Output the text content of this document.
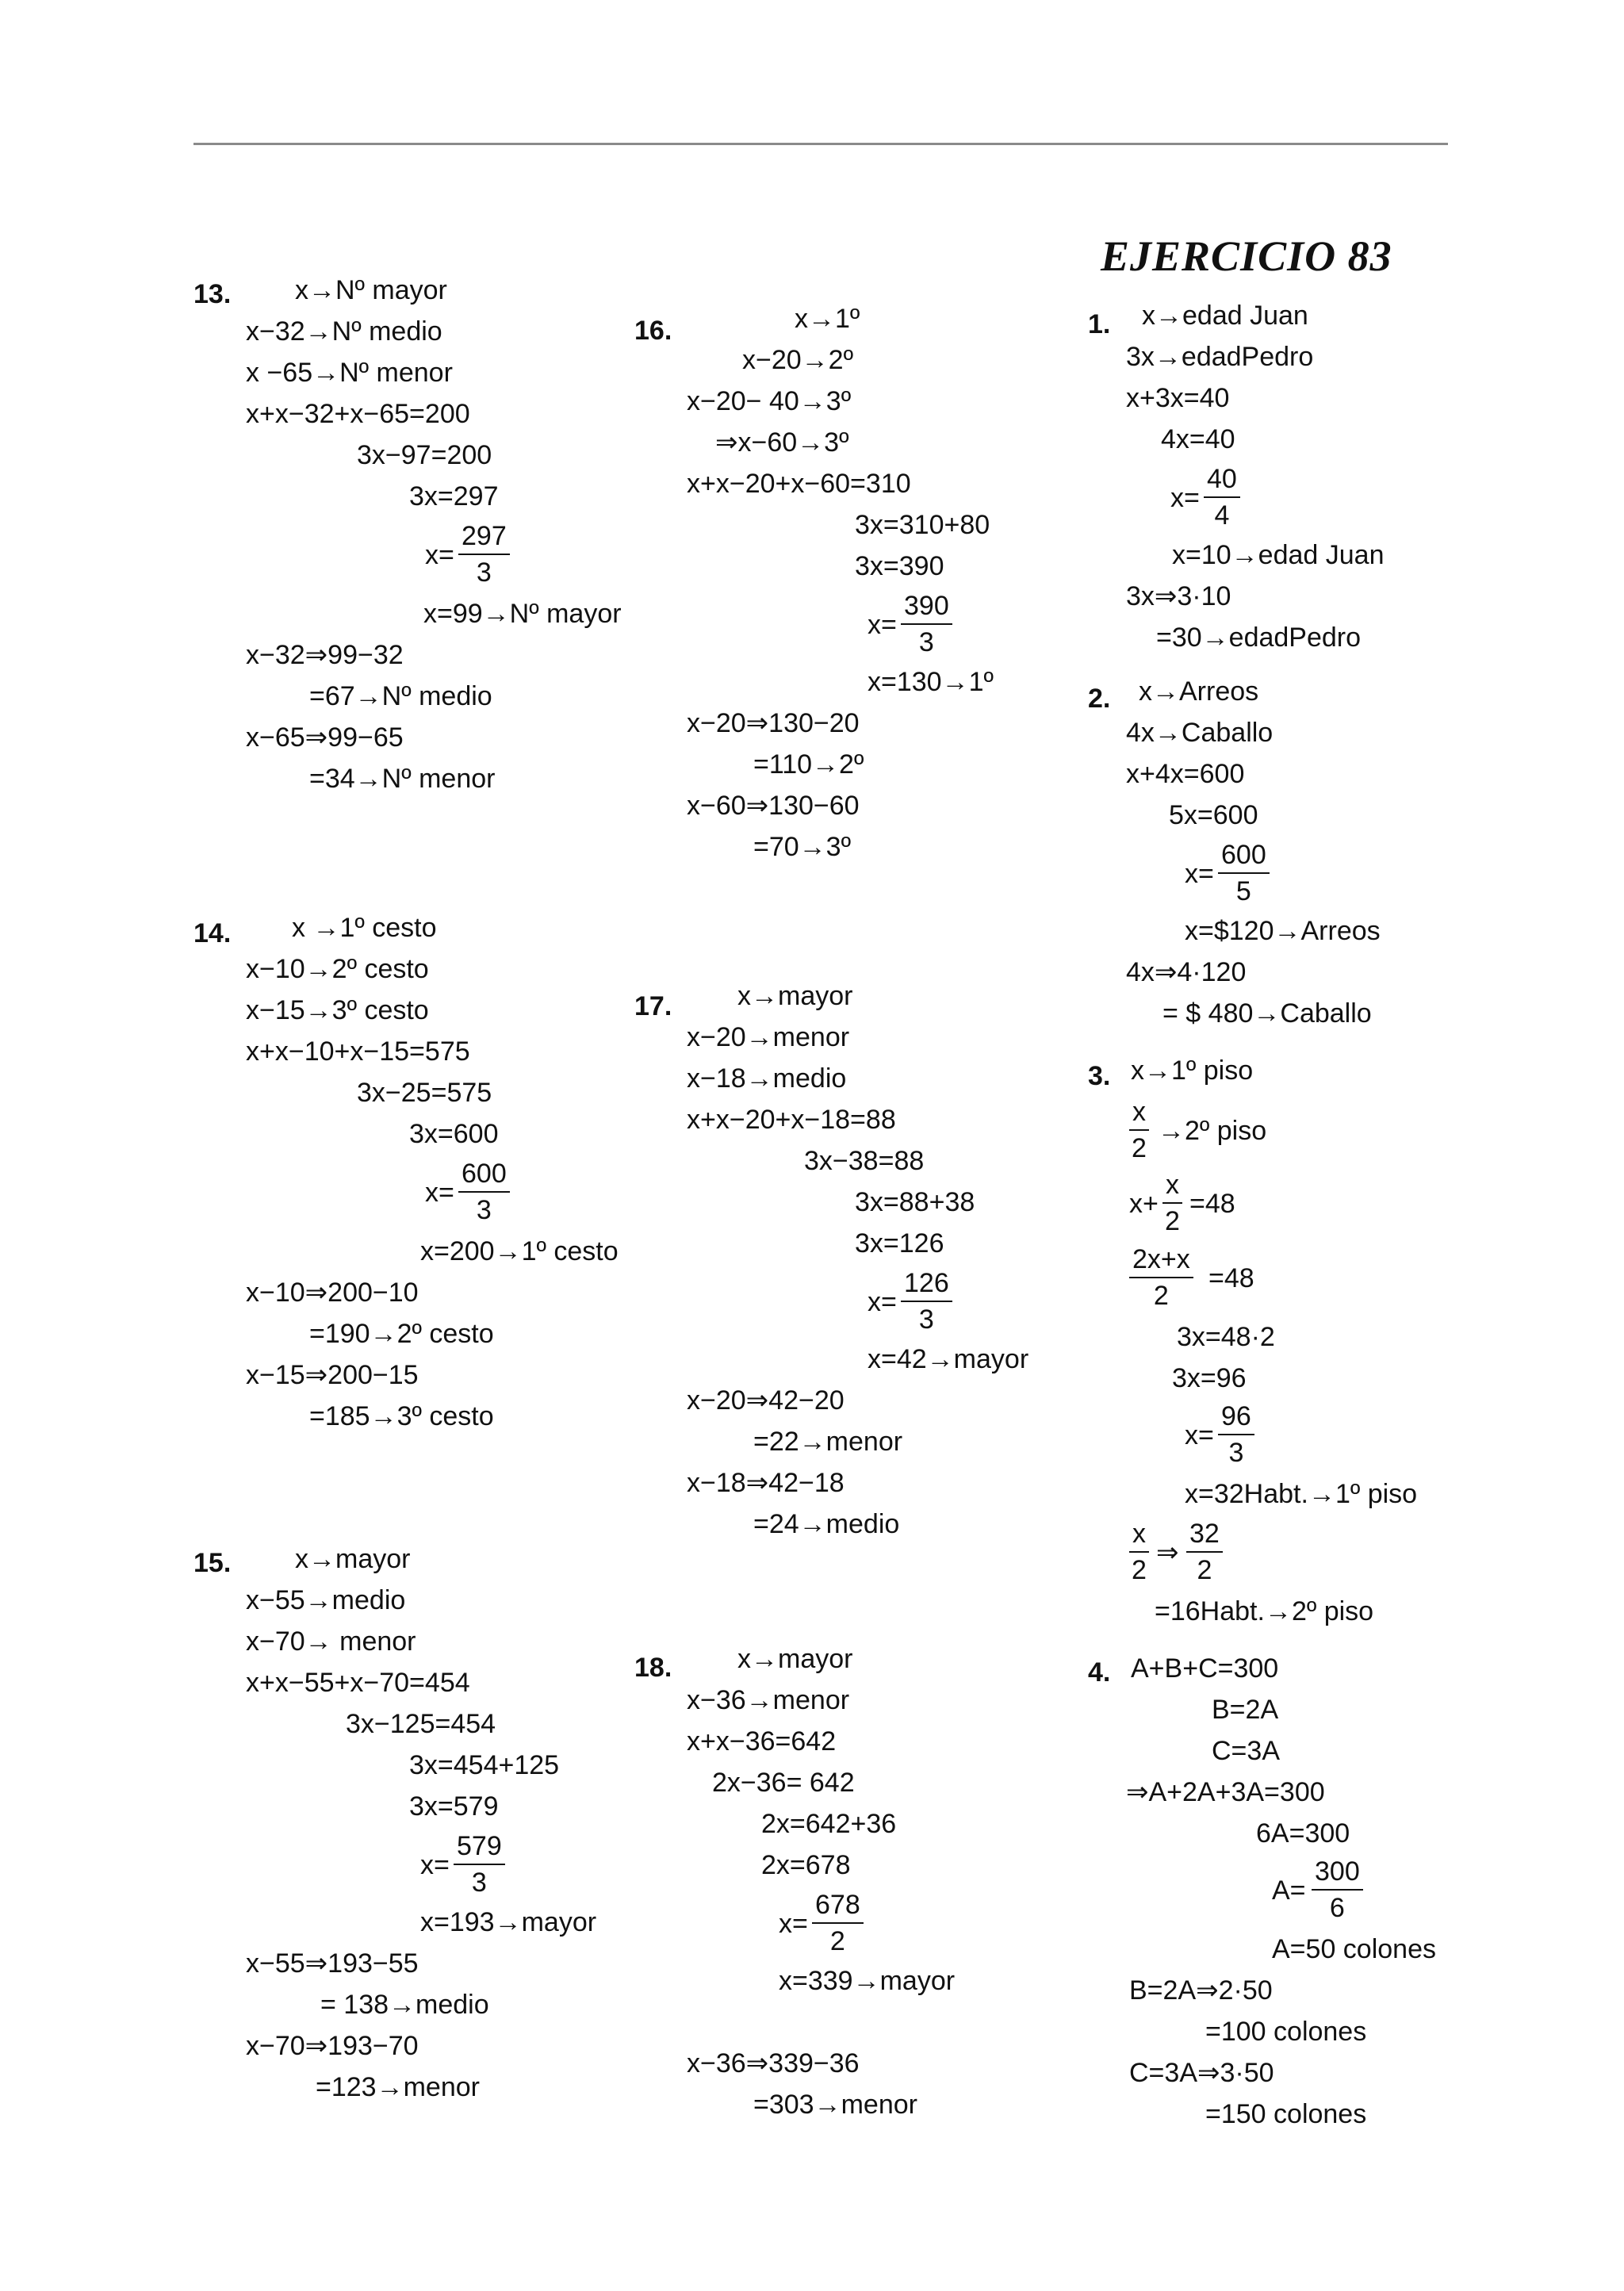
EJERCICIO 83
13. x→Nº mayor
x−32→Nº medio
x −65→Nº menor
x+x−32+x−65=200
3x−97=200
3x=297
x=
297
3
x=99→Nº mayor
x−32⇒99−32
=67→Nº medio
x−65⇒99−65
=34→Nº menor
14. x →1º cesto
x−10→2º cesto
x−15→3º cesto
x+x−10+x−15=575
3x−25=575
3x=600
x=
600
3
x=200→1º cesto
x−10⇒200−10
=190→2º cesto
x−15⇒200−15
=185→3º cesto
15. x→mayor
x−55→medio
x−70→ menor
x+x−55+x−70=454
3x−125=454
3x=454+125
3x=579
x=
579
3
x=193→mayor
x−55⇒193−55
= 138→medio
x−70⇒193−70
=123→menor
16.	x→1º
x−20→2º
x−20− 40→3º
⇒x−60→3º
x+x−20+x−60=310
3x=310+80
3x=390
x=
390
3
x=130→1º
x−20⇒130−20
=110→2º
x−60⇒130−60
=70→3º
17. x→mayor
x−20→menor
x−18→medio
x+x−20+x−18=88
3x−38=88
3x=88+38
3x=126
x=
126
3
x=42→mayor
x−20⇒42−20
=22→menor
x−18⇒42−18
=24→medio
18. x→mayor
x−36→menor
x+x−36=642
2x−36= 642
2x=642+36
2x=678
x=
678
2
x=339→mayor
x−36⇒339−36
=303→menor
1. x→edad Juan
3x→edadPedro
x+3x=40
4x=40
x=
40
4
x=10→edad Juan
3x⇒3·10
=30→edadPedro
2. x→Arreos
4x→Caballo
x+4x=600
5x=600
x=
600
5
x=$120→Arreos
4x⇒4·120
= $ 480→Caballo
3. x→1º piso
x
2
→2º piso
x+
x
2
=48
2x+x
2
=48
3x=48·2
3x=96
x=
96
3
x=32Habt.→1º piso
x
2
⇒
32
2
=16Habt.→2º piso
4. A+B+C=300
B=2A
C=3A
⇒A+2A+3A=300
6A=300
A=
300
6
A=50 colones
B=2A⇒2·50
=100 colones
C=3A⇒3·50
=150 colones
